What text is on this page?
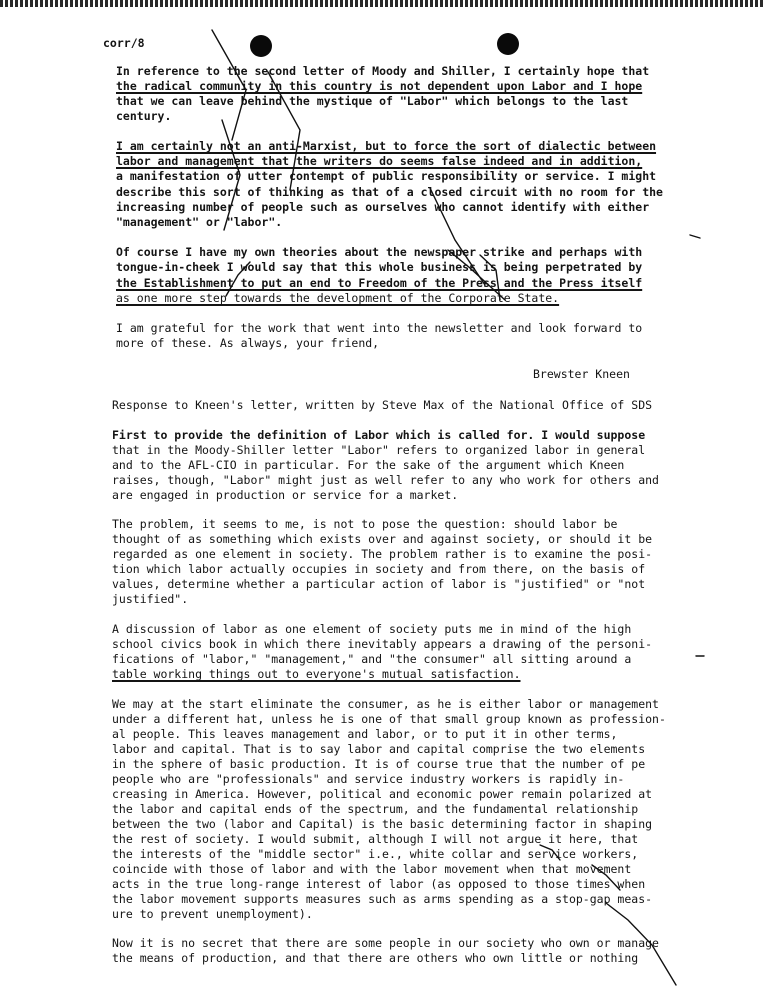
corr/8
In reference to the second letter of Moody and Shiller, I certainly hope that
the radical community in this country is not dependent upon Labor and I hope
that we can leave behind the mystique of "Labor" which belongs to the last
century.
I am certainly not an anti-Marxist, but to force the sort of dialectic between
labor and management that the writers do seems false indeed and in addition,
a manifestation of utter contempt of public responsibility or service. I might
describe this sort of thinking as that of a closed circuit with no room for the
increasing number of people such as ourselves who cannot identify with either
"management" or "labor".
Of course I have my own theories about the newspaper strike and perhaps with
tongue-in-cheek I would say that this whole business is being perpetrated by
the Establishment to put an end to Freedom of the Press and the Press itself
as one more step towards the development of the Corporate State.
I am grateful for the work that went into the newsletter and look forward to
more of these. As always, your friend,
Brewster Kneen
Response to Kneen's letter, written by Steve Max of the National Office of SDS
First to provide the definition of Labor which is called for. I would suppose
that in the Moody-Shiller letter "Labor" refers to organized labor in general
and to the AFL-CIO in particular. For the sake of the argument which Kneen
raises, though, "Labor" might just as well refer to any who work for others and
are engaged in production or service for a market.
The problem, it seems to me, is not to pose the question: should labor be
thought of as something which exists over and against society, or should it be
regarded as one element in society. The problem rather is to examine the posi-
tion which labor actually occupies in society and from there, on the basis of
values, determine whether a particular action of labor is "justified" or "not
justified".
A discussion of labor as one element of society puts me in mind of the high
school civics book in which there inevitably appears a drawing of the personi-
fications of "labor," "management," and "the consumer" all sitting around a
table working things out to everyone's mutual satisfaction.
We may at the start eliminate the consumer, as he is either labor or management
under a different hat, unless he is one of that small group known as profession-
al people. This leaves management and labor, or to put it in other terms,
labor and capital. That is to say labor and capital comprise the two elements
in the sphere of basic production. It is of course true that the number of pe
people who are "professionals" and service industry workers is rapidly in-
creasing in America. However, political and economic power remain polarized at
the labor and capital ends of the spectrum, and the fundamental relationship
between the two (labor and Capital) is the basic determining factor in shaping
the rest of society. I would submit, although I will not argue it here, that
the interests of the "middle sector" i.e., white collar and service workers,
coincide with those of labor and with the labor movement when that movement
acts in the true long-range interest of labor (as opposed to those times when
the labor movement supports measures such as arms spending as a stop-gap meas-
ure to prevent unemployment).
Now it is no secret that there are some people in our society who own or manage
the means of production, and that there are others who own little or nothing
